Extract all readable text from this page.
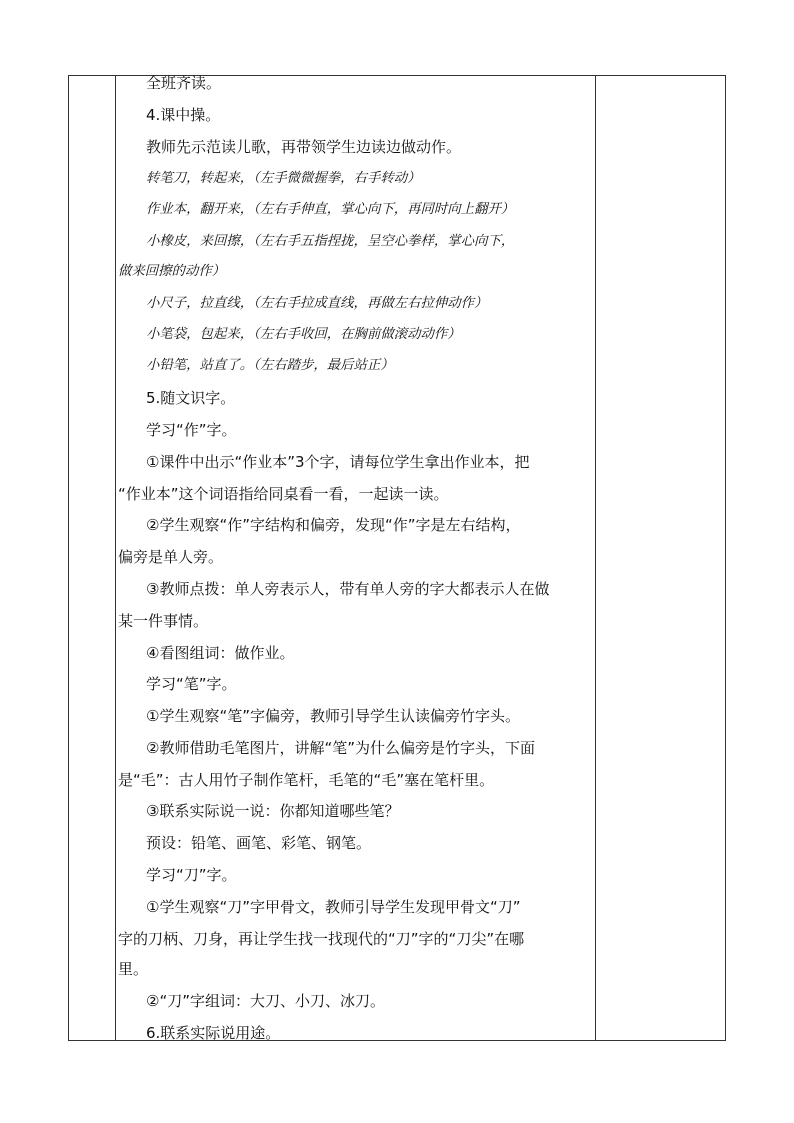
全班齐读。
4.课中操。
教师先示范读儿歌，再带领学生边读边做动作。
转笔刀，转起来，（左手微微握拳，右手转动）
作业本，翻开来，（左右手伸直，掌心向下，再同时向上翻开）
小橡皮，来回擦，（左右手五指捏拢，呈空心拳样，掌心向下，
做来回擦的动作）
小尺子，拉直线，（左右手拉成直线，再做左右拉伸动作）
小笔袋，包起来，（左右手收回，在胸前做滚动动作）
小铅笔，站直了。（左右踏步，最后站正）
5.随文识字。
学习“作”字。
①课件中出示“作业本”3个字，请每位学生拿出作业本，把
“作业本”这个词语指给同桌看一看，一起读一读。
②学生观察“作”字结构和偏旁，发现“作”字是左右结构，
偏旁是单人旁。
③教师点拨：单人旁表示人，带有单人旁的字大都表示人在做
某一件事情。
④看图组词：做作业。
学习“笔”字。
①学生观察“笔”字偏旁，教师引导学生认读偏旁竹字头。
②教师借助毛笔图片，讲解“笔”为什么偏旁是竹字头，下面
是“毛”：古人用竹子制作笔杆，毛笔的“毛”塞在笔杆里。
③联系实际说一说：你都知道哪些笔？
预设：铅笔、画笔、彩笔、钢笔。
学习“刀”字。
①学生观察“刀”字甲骨文，教师引导学生发现甲骨文“刀”
字的刀柄、刀身，再让学生找一找现代的“刀”字的“刀尖”在哪
里。
②“刀”字组词：大刀、小刀、冰刀。
6.联系实际说用途。
